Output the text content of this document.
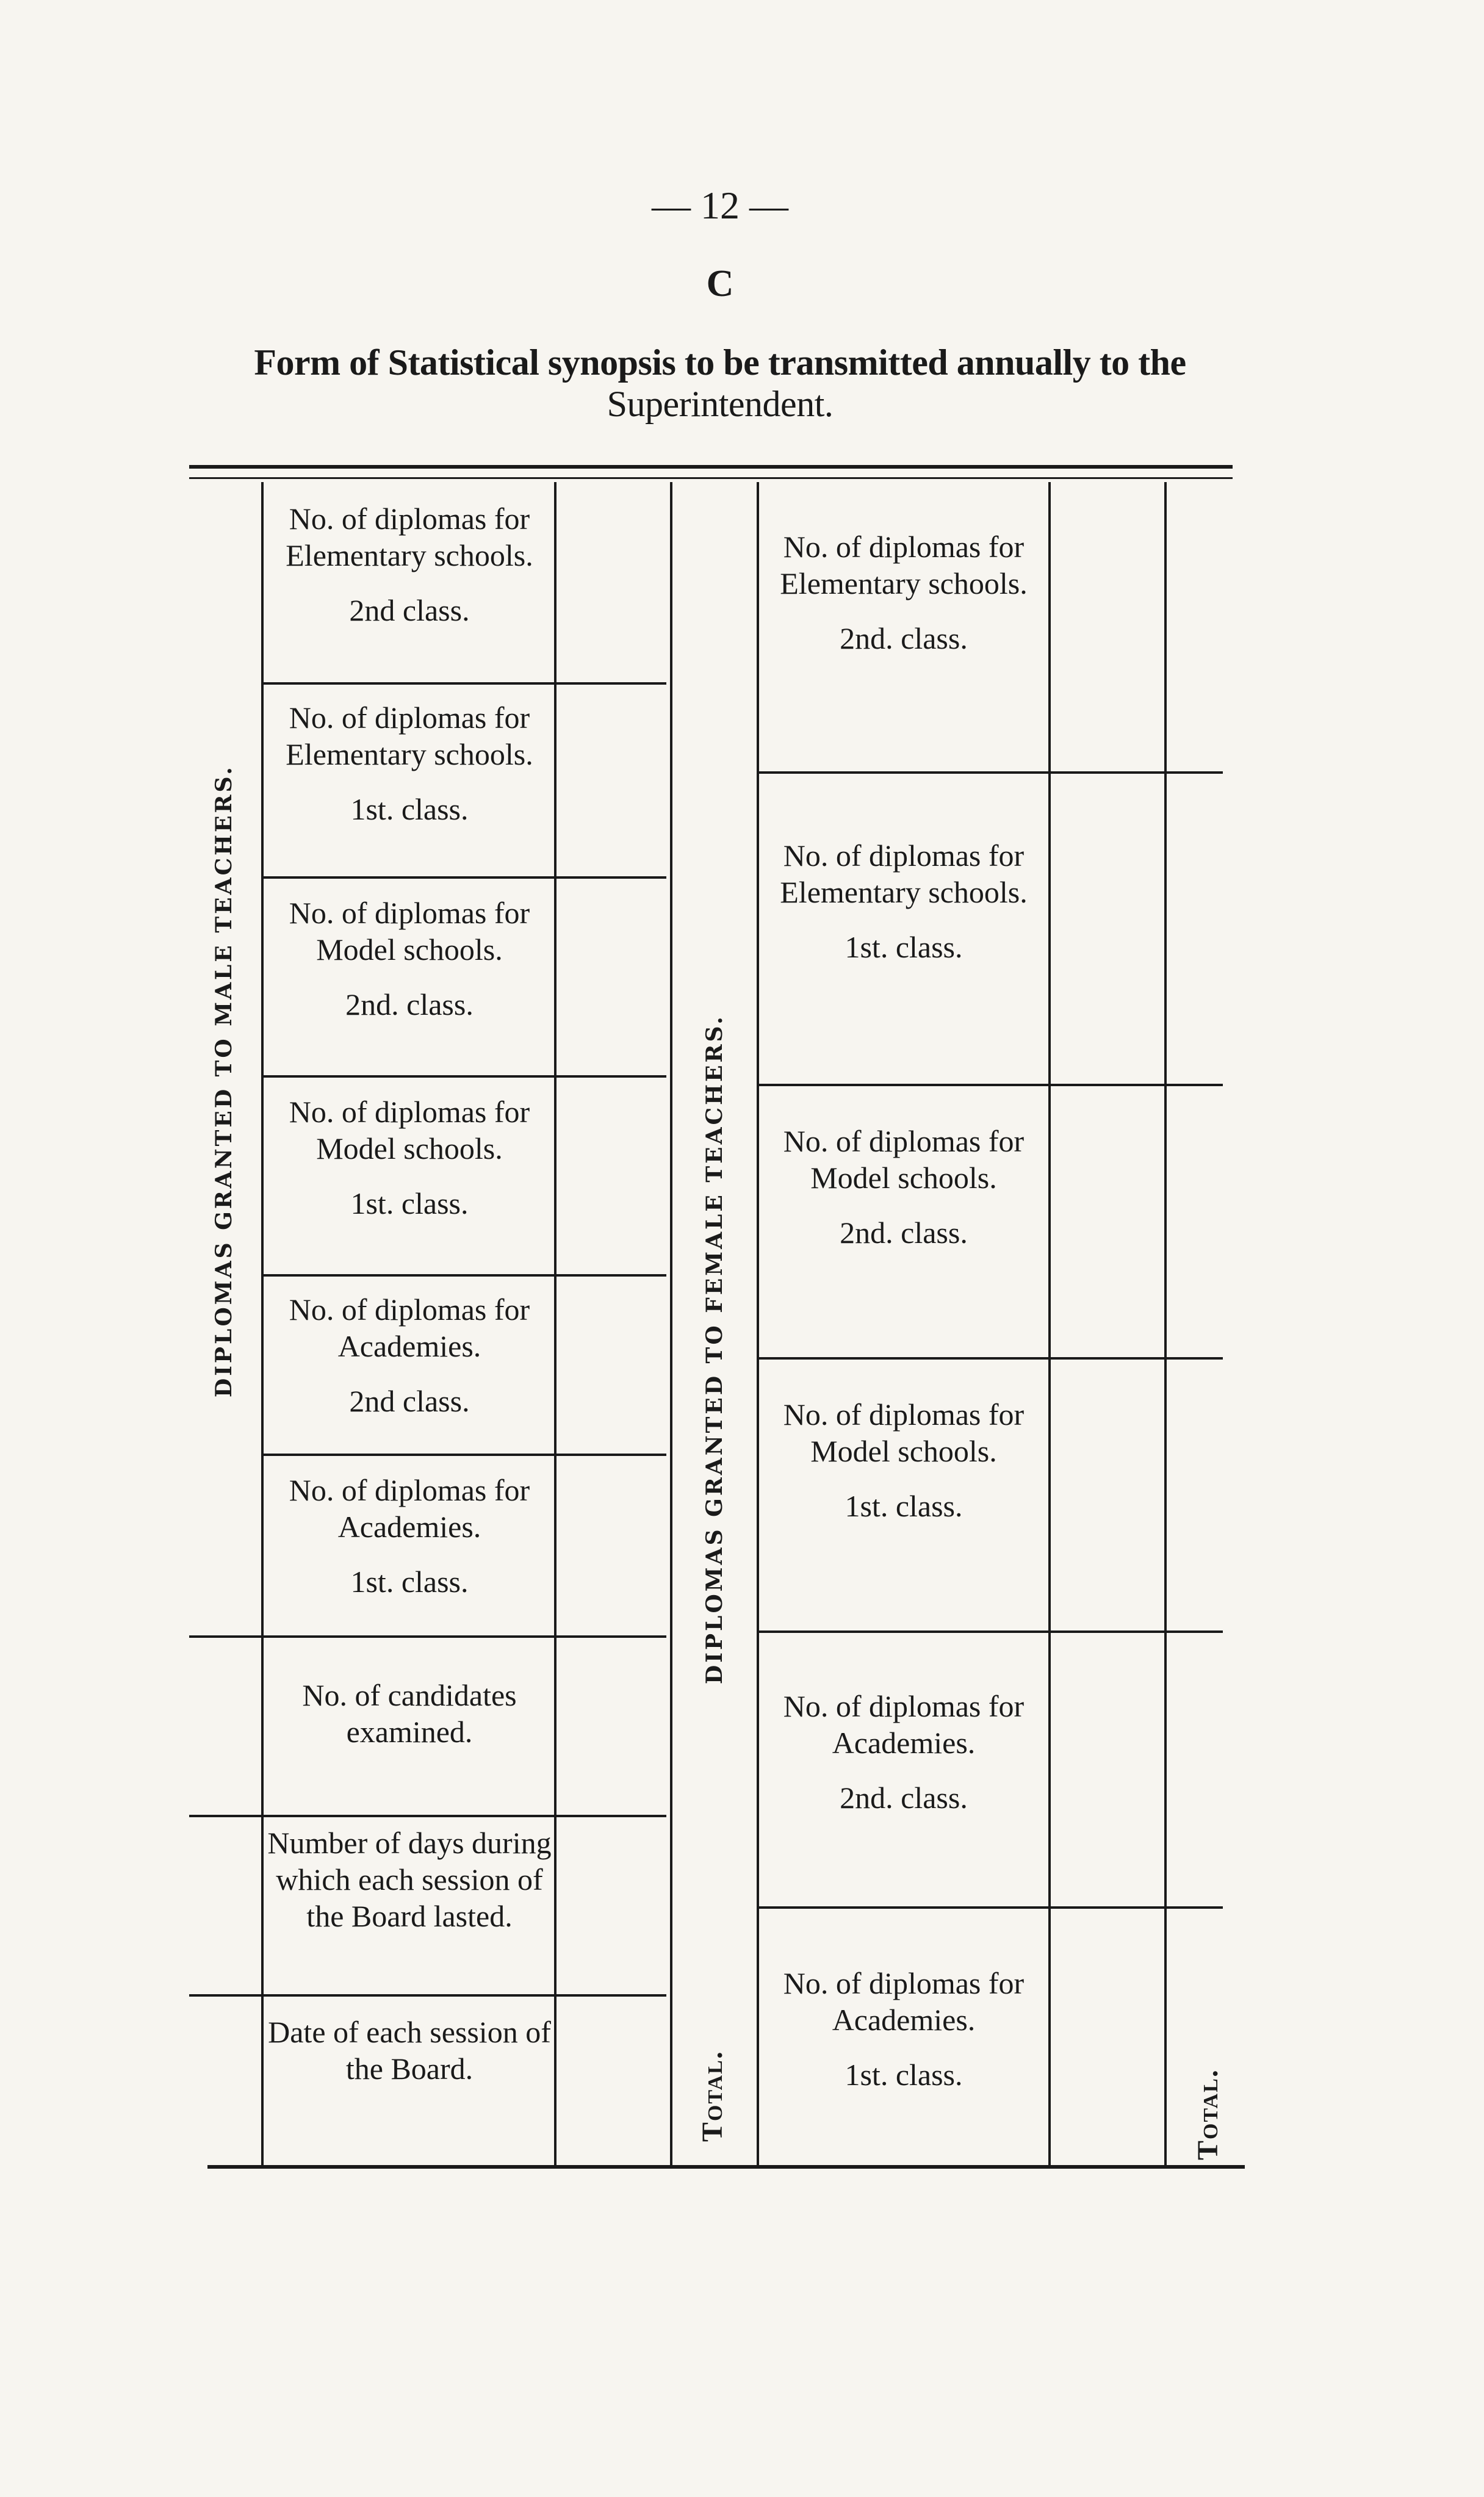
— 12 —
C
Form of Statistical synopsis to be transmitted annually to the
Superintendent.
DIPLOMAS GRANTED TO MALE TEACHERS.	DIPLOMAS GRANTED TO FEMALE TEACHERS.
Total.	Total.
No. of diplomas for Elementary schools.
2nd class.
No. of diplomas for Elementary schools.
1st. class.
No. of diplomas for Model schools.
2nd. class.
No. of diplomas for Model schools.
1st. class.
No. of diplomas for Academies.
2nd class.
No. of diplomas for Academies.
1st. class.
No. of candidates examined.
Number of days during which each session of the Board lasted.
Date of each session of the Board.
No. of diplomas for Elementary schools.
2nd. class.
No. of diplomas for Elementary schools.
1st. class.
No. of diplomas for Model schools.
2nd. class.
No. of diplomas for Model schools.
1st. class.
No. of diplomas for Academies.
2nd. class.
No. of diplomas for Academies.
1st. class.
